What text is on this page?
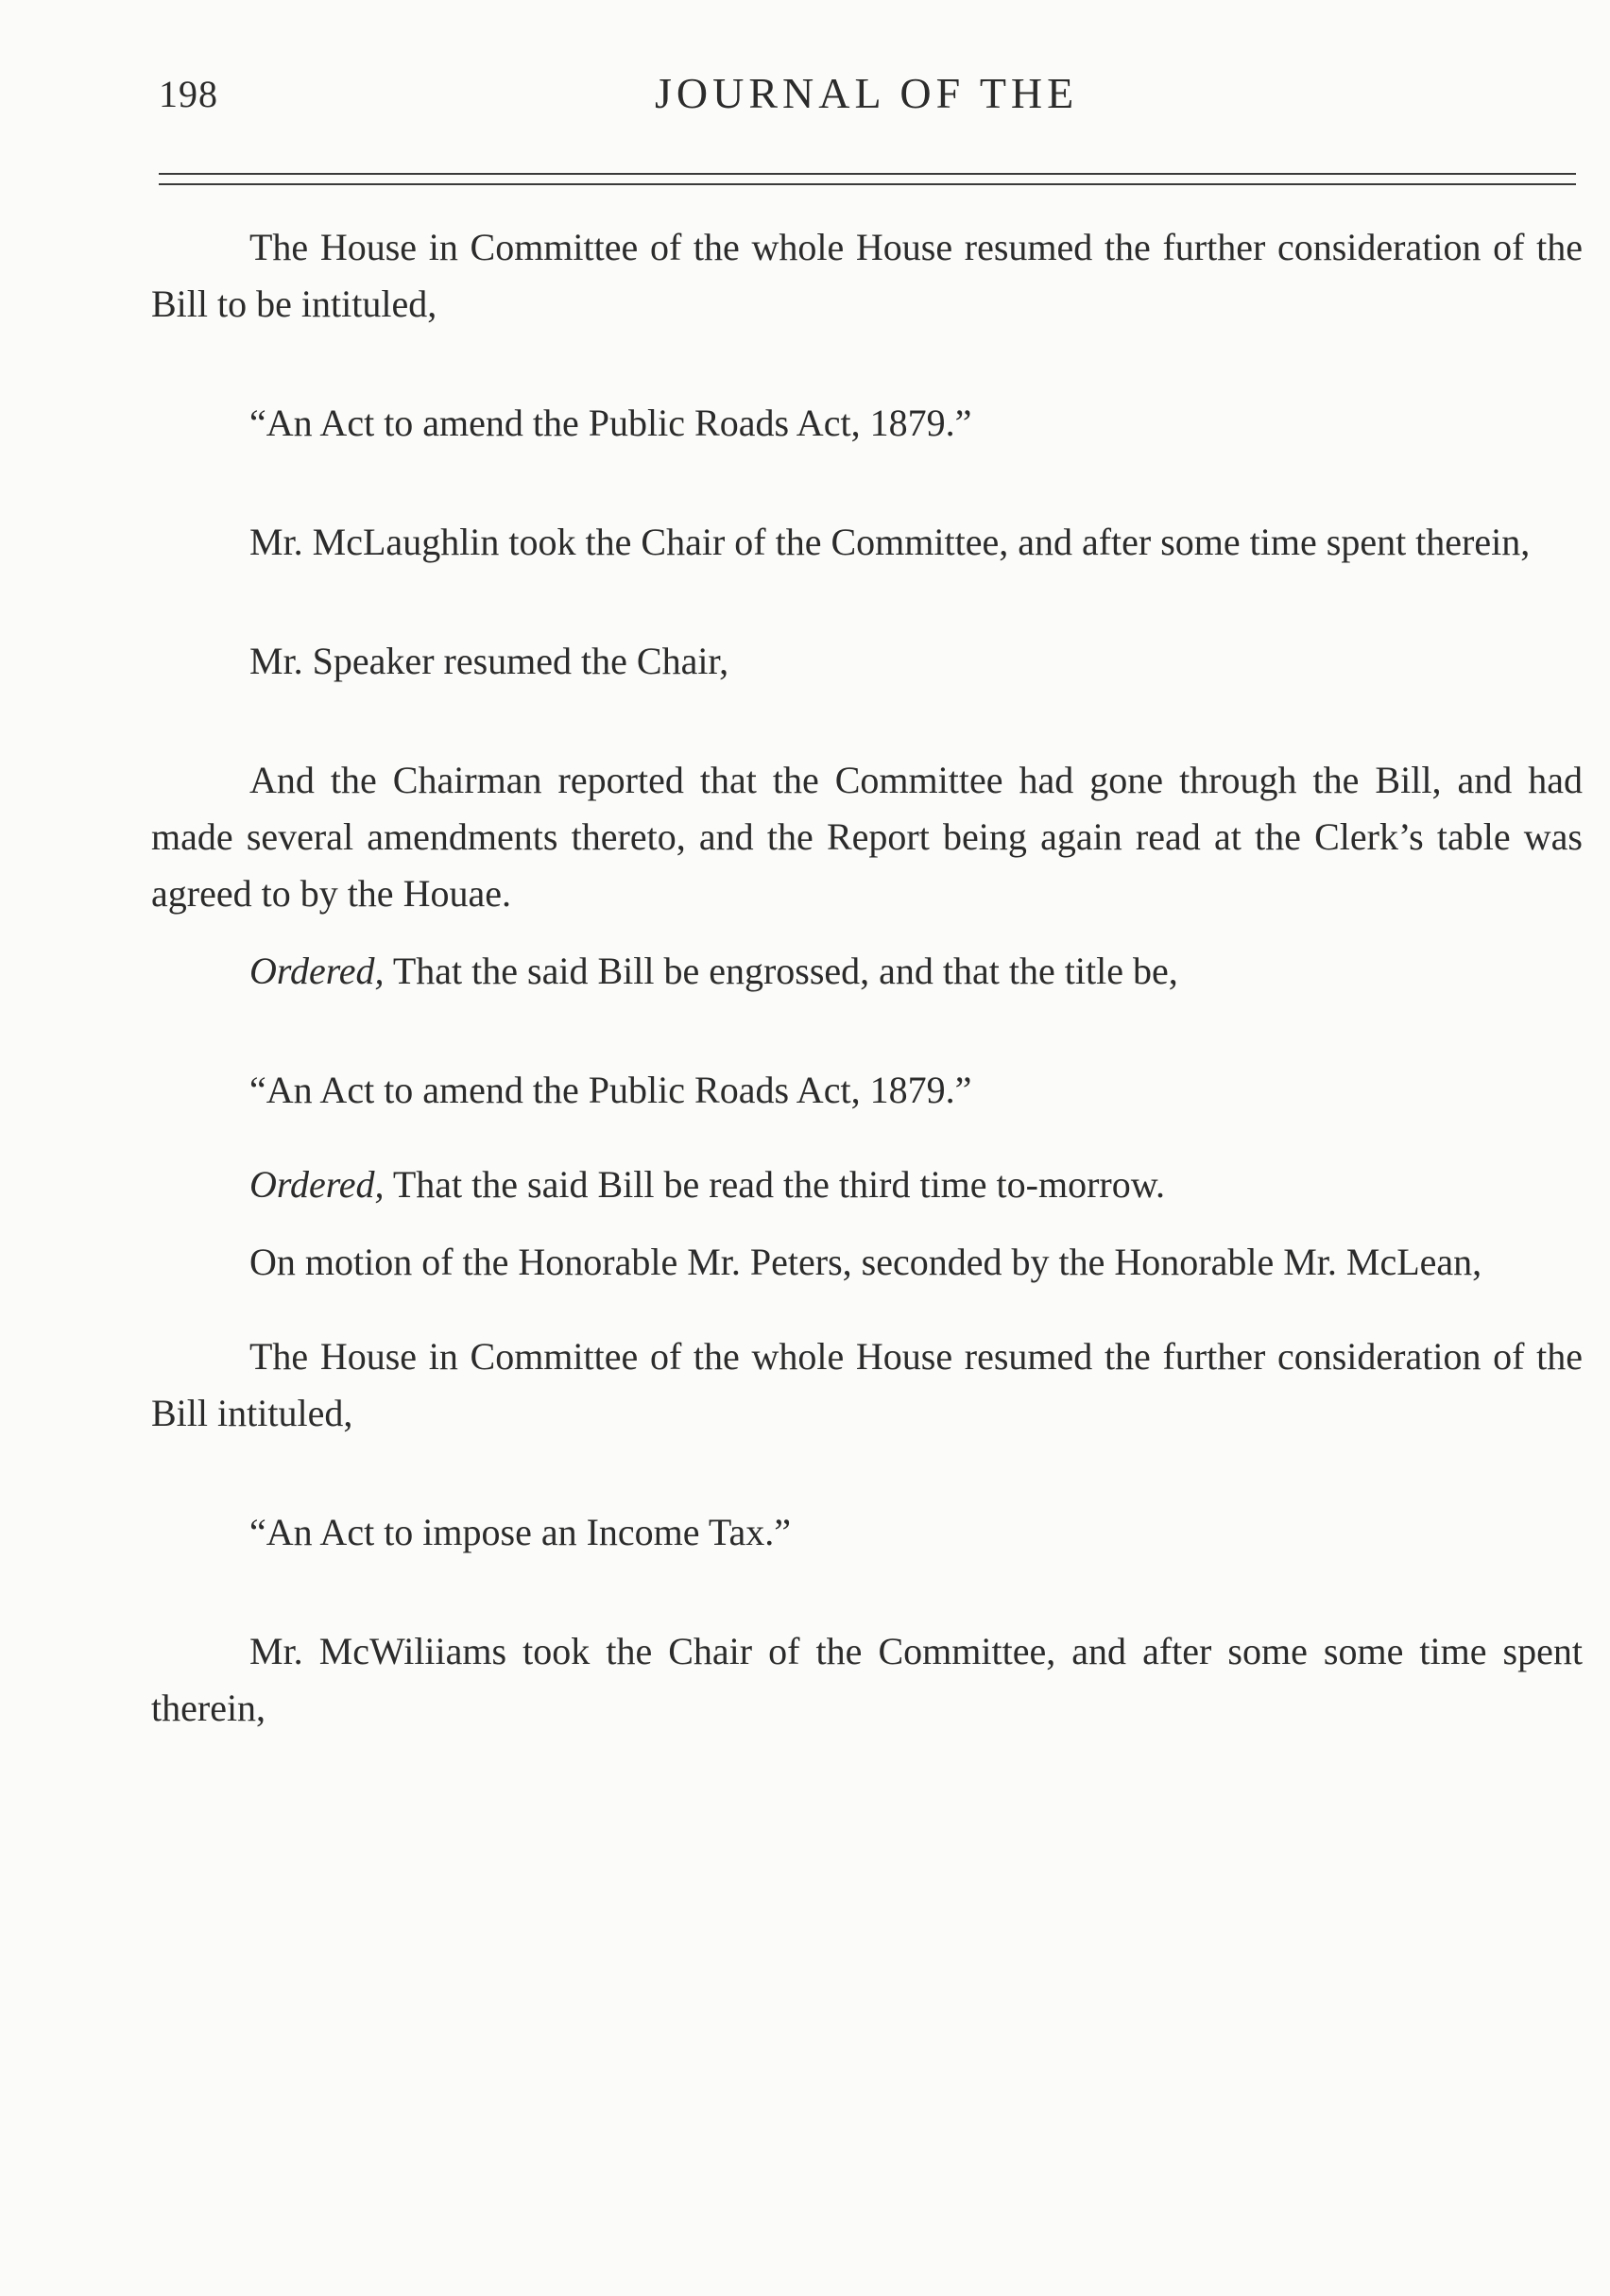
198	JOURNAL OF THE

The House in Committee of the whole House resumed the further consideration of the Bill to be intituled,

“An Act to amend the Public Roads Act, 1879.”

Mr. McLaughlin took the Chair of the Committee, and after some time spent therein,

Mr. Speaker resumed the Chair,

And the Chairman reported that the Committee had gone through the Bill, and had made several amendments thereto, and the Report being again read at the Clerk’s table was agreed to by the Houae.

Ordered, That the said Bill be engrossed, and that the title be,

“An Act to amend the Public Roads Act, 1879.”

Ordered, That the said Bill be read the third time to-morrow.

On motion of the Honorable Mr. Peters, seconded by the Honorable Mr. McLean,

The House in Committee of the whole House resumed the further consideration of the Bill intituled,

“An Act to impose an Income Tax.”

Mr. McWiliiams took the Chair of the Committee, and after some some time spent therein,
